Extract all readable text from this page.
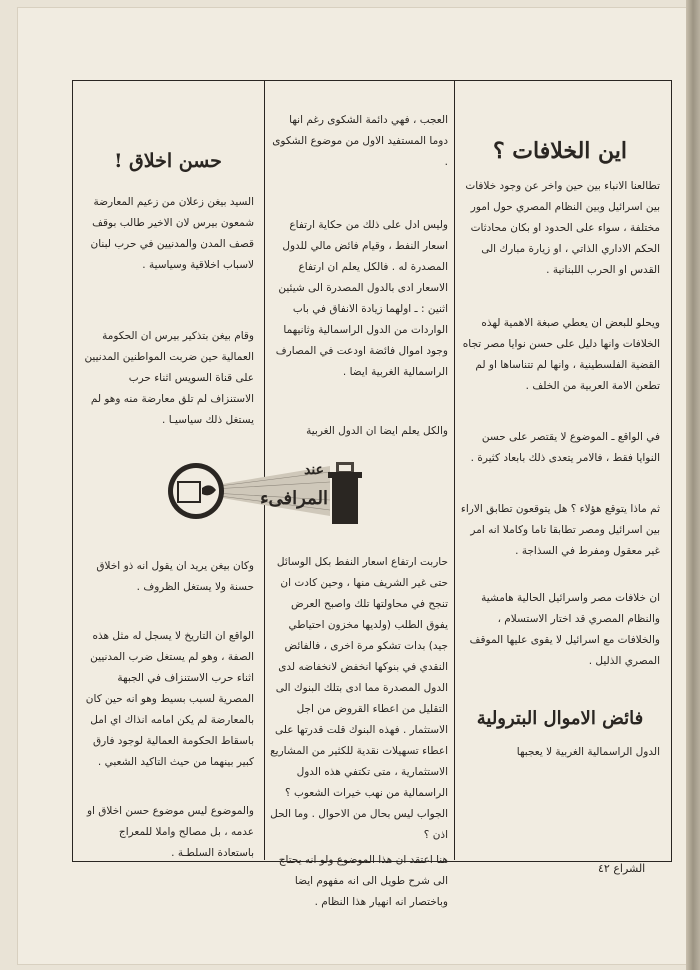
اين الخلافات ؟

تطالعنا الانباء بين حين واخر عن وجود خلافات بين اسرائيل وبين النظام المصري حول امور مختلفة ، سواء على الحدود او بكان محادثات الحكم الاداري الذاتي ، او زيارة مبارك الى القدس او الحرب اللبنانية .

ويحلو للبعض ان يعطي صبغة الاهمية لهذه الخلافات وانها دليل على حسن نوايا مصر تجاه القضية الفلسطينية ، وانها لم تتناساها او لم تطعن الامة العربية من الخلف .

في الواقع ـ الموضوع لا يقتصر على حسن النوايا فقط ، فالامر يتعدى ذلك بابعاد كثيرة .

ثم ماذا يتوقع هؤلاء ؟ هل يتوقعون تطابق الاراء بين اسرائيل ومصر تطابقا تاما وكاملا انه امر غير معقول ومفرط في السذاجة .

ان خلافات مصر واسرائيل الحالية هامشية والنظام المصري قد اختار الاستسلام ، والخلافات مع اسرائيل لا يقوى عليها الموقف المصري الذليل .

فائض الاموال البترولية

الدول الراسمالية الغربية لا يعجبها

العجب ، فهي دائمة الشكوى رغم انها دوما المستفيد الاول من موضوع الشكوى .

وليس ادل على ذلك من حكاية ارتفاع اسعار النفط ، وقيام فائض مالي للدول المصدرة له . فالكل يعلم ان ارتفاع الاسعار ادى بالدول المصدرة الى شيئين اثنين : ـ اولهما زيادة الانفاق في باب الواردات من الدول الراسمالية وثانيهما وجود اموال فائضة اودعت في المصارف الراسمالية الغربية ايضا .

والكل يعلم ايضا ان الدول الغربية

حاربت ارتفاع اسعار النفط بكل الوسائل حتى غير الشريف منها ، وحين كادت ان تنجح في محاولتها تلك واصبح العرض يفوق الطلب (ولديها مخزون احتياطي جيد) بدات تشكو مرة اخرى ، فالفائض النقدي في بنوكها انخفض لانخفاضه لدى الدول المصدرة مما ادى بتلك البنوك الى التقليل من اعطاء القروض من اجل الاستثمار . فهذه البنوك قلت قدرتها على اعطاء تسهيلات نقدية للكثير من المشاريع الاستثمارية ، متى تكتفي هذه الدول الراسمالية من نهب خيرات الشعوب ؟ الجواب ليس بحال من الاحوال . وما الحل اذن ؟

هنا اعتقد ان هذا الموضوع ولو انه يحتاج الى شرح طويل الى انه مفهوم ايضا وباختصار انه انهيار هذا النظام .

حسن اخلاق !

السيد بيغن زعلان من زعيم المعارضة شمعون بيرس لان الاخير طالب بوقف قصف المدن والمدنيين في حرب لبنان لاسباب اخلاقية وسياسية .

وقام بيغن بتذكير بيرس ان الحكومة العمالية حين ضربت المواطنين المدنيين على قناة السويس اثناء حرب الاستنزاف لم تلق معارضة منه وهو لم يستغل ذلك سياسيـا .

وكان بيغن يريد ان يقول انه ذو اخلاق حسنة ولا يستغل الظروف .

الواقع ان التاريخ لا يسجل له مثل هذه الصفة ، وهو لم يستغل ضرب المدنيين اثناء حرب الاستنزاف في الجبهة المصرية لسبب بسيط وهو انه حين كان بالمعارضة لم يكن امامه انذاك اي امل باسقاط الحكومة العمالية لوجود فارق كبير بينهما من حيث التاكيد الشعبي .

والموضوع ليس موضوع حسن اخلاق او عدمه ، بل مصالح واملا للمعراج باستعادة السلطـة .

عند
المرافىء
الشراع ٤٢
